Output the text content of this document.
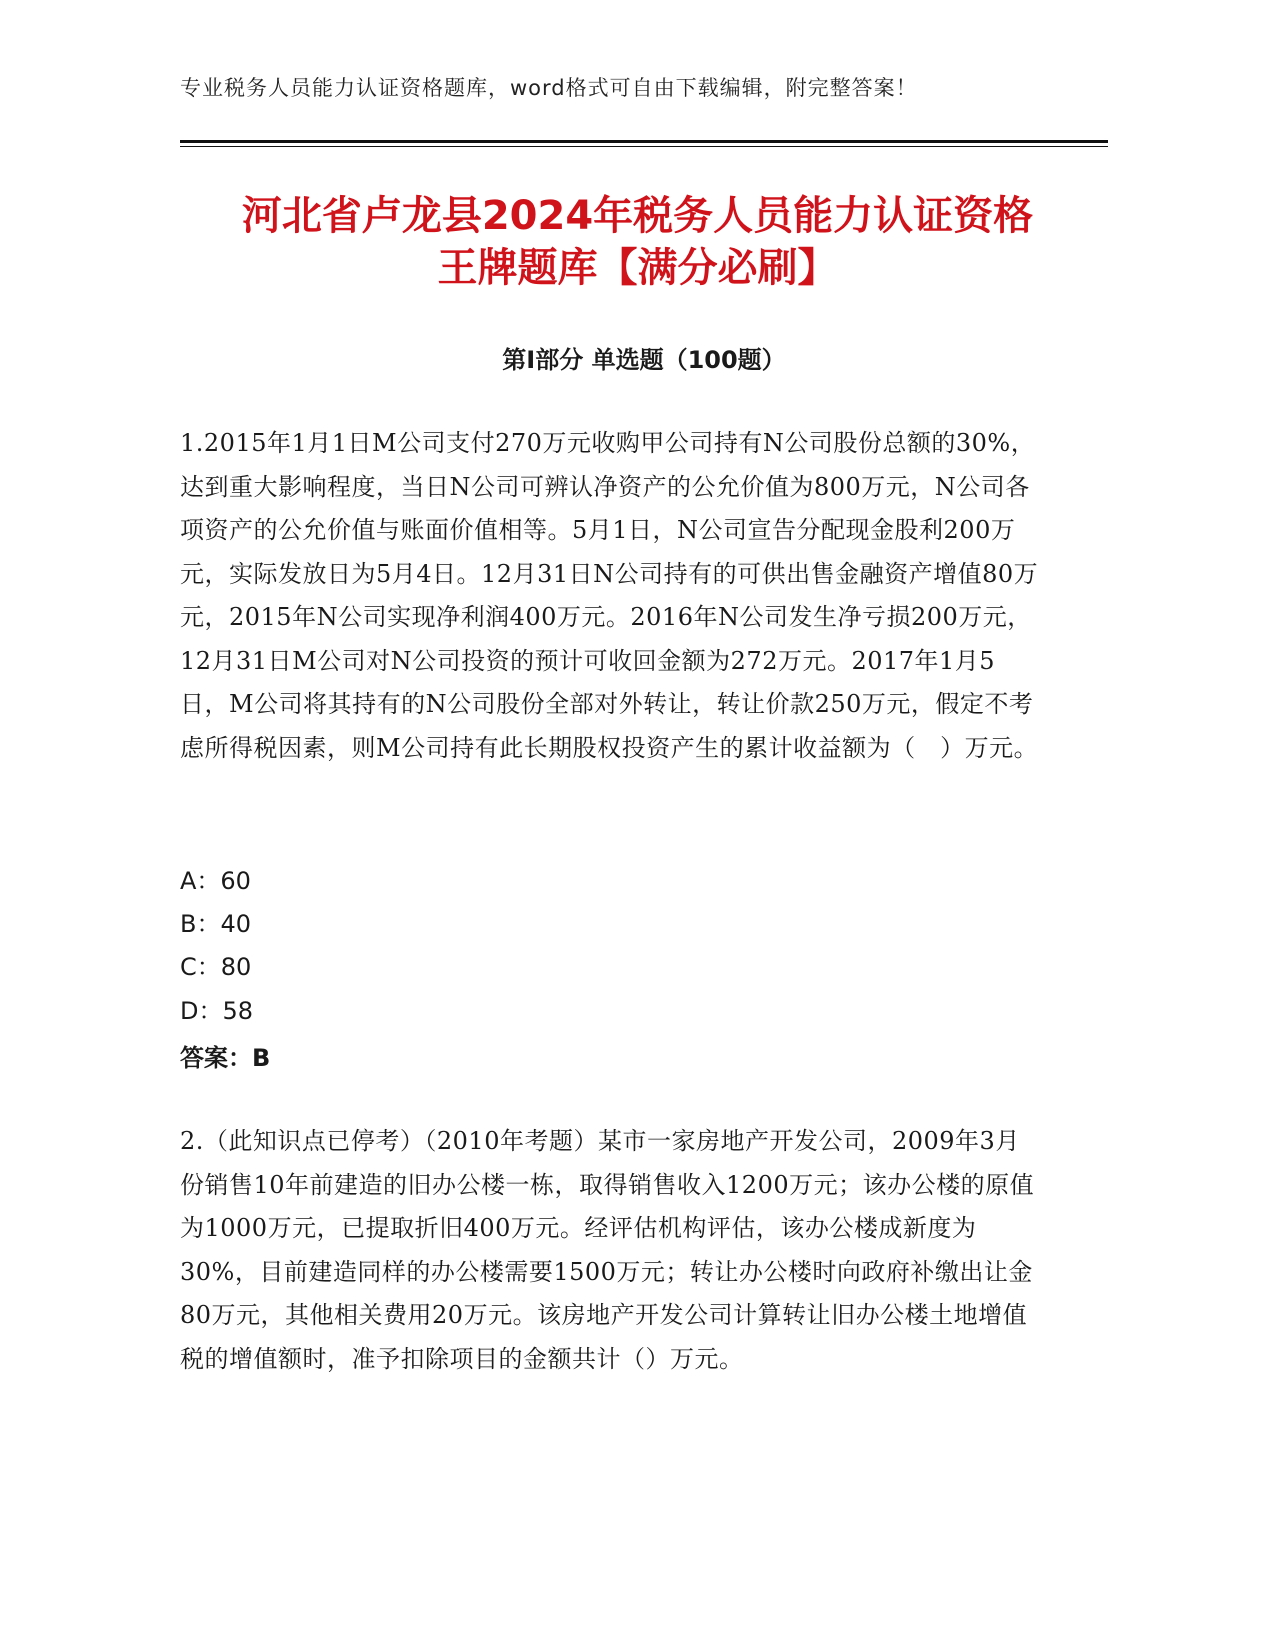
专业税务人员能力认证资格题库，word格式可自由下载编辑，附完整答案！
河北省卢龙县2024年税务人员能力认证资格
王牌题库【满分必刷】
第Ⅰ部分 单选题（100题）

1.2015年1月1日M公司支付270万元收购甲公司持有N公司股份总额的30%，达到重大影响程度，当日N公司可辨认净资产的公允价值为800万元，N公司各项资产的公允价值与账面价值相等。5月1日，N公司宣告分配现金股利200万元，实际发放日为5月4日。12月31日N公司持有的可供出售金融资产增值80万元，2015年N公司实现净利润400万元。2016年N公司发生净亏损200万元，12月31日M公司对N公司投资的预计可收回金额为272万元。2017年1月5日，M公司将其持有的N公司股份全部对外转让，转让价款250万元，假定不考虑所得税因素，则M公司持有此长期股权投资产生的累计收益额为（　）万元。

A：60
B：40
C：80
D：58
答案：B

2.（此知识点已停考）（2010年考题）某市一家房地产开发公司，2009年3月份销售10年前建造的旧办公楼一栋，取得销售收入1200万元；该办公楼的原值为1000万元，已提取折旧400万元。经评估机构评估，该办公楼成新度为30%，目前建造同样的办公楼需要1500万元；转让办公楼时向政府补缴出让金80万元，其他相关费用20万元。该房地产开发公司计算转让旧办公楼土地增值税的增值额时，准予扣除项目的金额共计（）万元。
